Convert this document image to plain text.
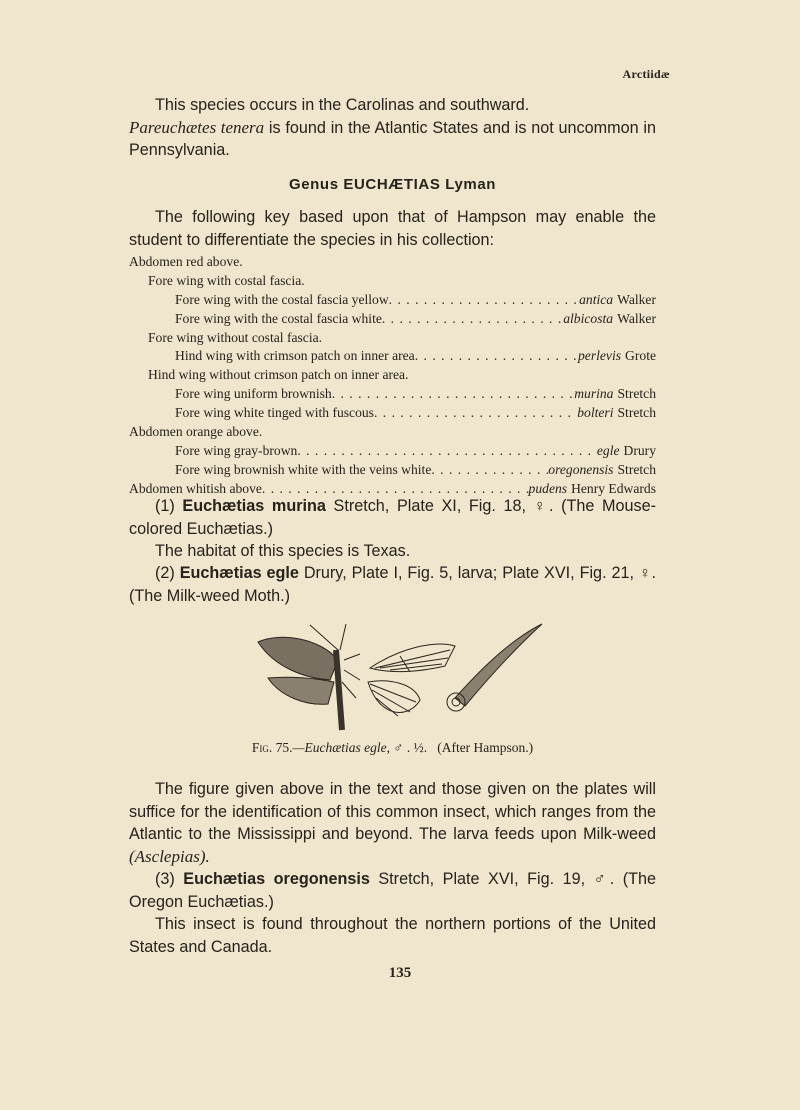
Arctiidæ
This species occurs in the Carolinas and southward.
Pareuchætes tenera is found in the Atlantic States and is not uncommon in Pennsylvania.
Genus EUCHÆTIAS Lyman
The following key based upon that of Hampson may enable the student to differentiate the species in his collection:
Abdomen red above.
Fore wing with costal fascia.
Fore wing with the costal fascia yellow . . .	antica Walker
Fore wing with the costal fascia white . . .	albicosta Walker
Fore wing without costal fascia.
Hind wing with crimson patch on inner area . . .	perlevis Grote
Hind wing without crimson patch on inner area.
Fore wing uniform brownish . . .	murina Stretch
Fore wing white tinged with fuscous . . .	bolteri Stretch
Abdomen orange above.
Fore wing gray-brown . . .	egle Drury
Fore wing brownish white with the veins white . . .	oregonensis Stretch
Abdomen whitish above . . .	pudens Henry Edwards
(1) Euchætias murina Stretch, Plate XI, Fig. 18, ♀. (The Mouse-colored Euchætias.)
The habitat of this species is Texas.
(2) Euchætias egle Drury, Plate I, Fig. 5, larva; Plate XVI, Fig. 21, ♀. (The Milk-weed Moth.)
Fig. 75.—Euchætias egle, ♂ . ½. (After Hampson.)
The figure given above in the text and those given on the plates will suffice for the identification of this common insect, which ranges from the Atlantic to the Mississippi and beyond. The larva feeds upon Milk-weed (Asclepias).
(3) Euchætias oregonensis Stretch, Plate XVI, Fig. 19, ♂. (The Oregon Euchætias.)
This insect is found throughout the northern portions of the United States and Canada.
135
